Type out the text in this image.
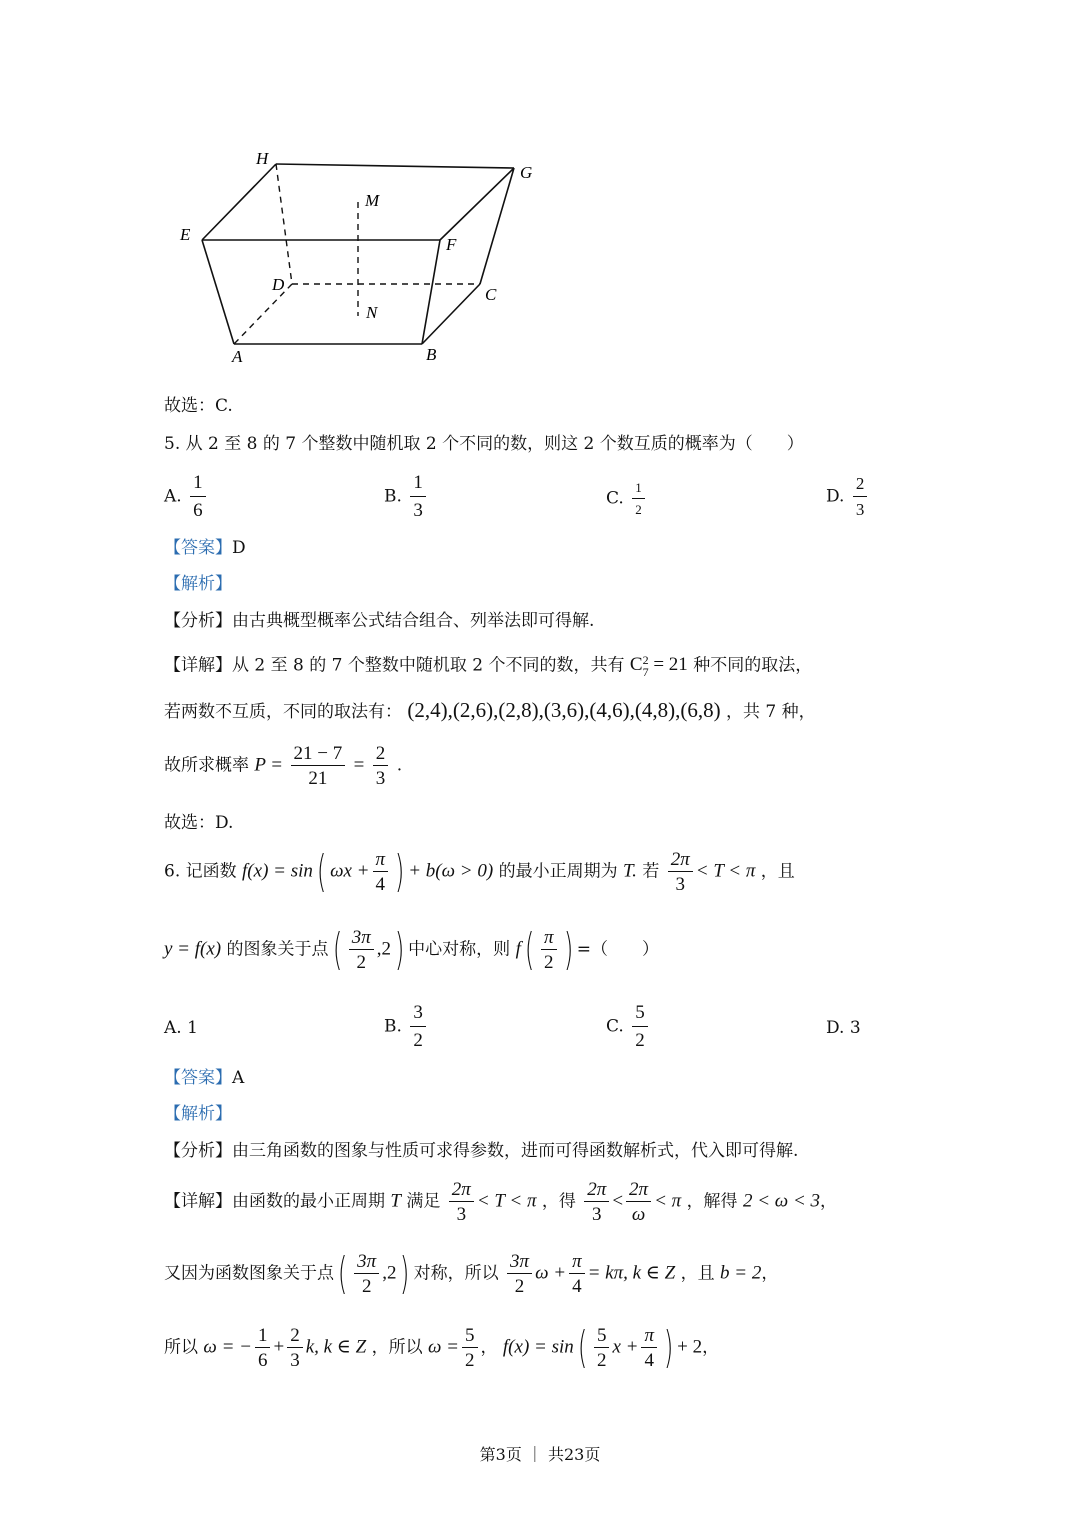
H
G
M
E
F
D
C
N
A	B
故选：C.
5. 从 2 至 8 的 7 个整数中随机取 2 个不同的数，则这 2 个数互质的概率为（　　）
A. $\frac{1}{6}$	B. $\frac{1}{3}$	C. $\frac{1}{2}$	D. $\frac{2}{3}$
【答案】D
【解析】
【分析】由古典概型概率公式结合组合、列举法即可得解.
【详解】从 2 至 8 的 7 个整数中随机取 2 个不同的数，共有 C 2
7 = 21 种不同的取法，
若两数不互质，不同的取法有： (2,4),(2,6),(2,8),(3,6),(4,6),(4,8),(6,8) ，共 7 种，
故所求概率 $P = \frac{21 - 7}{21} = \frac{2}{3}$ .
故选：D.
6. 记函数 f(x) = sin( $\omega x + \frac{\pi}{4}$ ) + b(ω > 0) 的最小正周期为 T. 若 $\frac{2\pi}{3} < T < \pi$ ，且
y = f(x) 的图象关于点( $\frac{3\pi}{2} ,2$) 中心对称，则 $f( \frac{\pi}{2}$ ) =（　　）
A. 1	B. $\frac{3}{2}$	C. $\frac{5}{2}$	D. 3
【答案】A
【解析】
【分析】由三角函数的图象与性质可求得参数，进而可得函数解析式，代入即可得解.
【详解】由函数的最小正周期 T 满足 $\frac{2\pi}{3} < T < \pi$ ，得 $\frac{2\pi}{3} < \frac{2\pi}{\omega} < \pi$ ，解得 2 < ω < 3，
又因为函数图象关于点( $\frac{3\pi}{2} ,2$) 对称，所以 $\frac{3\pi}{2}$ $\omega + \frac{\pi}{4} = k\pi$, k ∈ Z ，且 b = 2，
所以 ω = − $\frac{1}{6} + \frac{2}{3} k$, k ∈ Z ，所以 $\omega = \frac{5}{2}$ ， $f(x) = \sin( \frac{5}{2}$ $x + \frac{\pi}{4}$ ) + 2，
第3页 ｜ 共23页
